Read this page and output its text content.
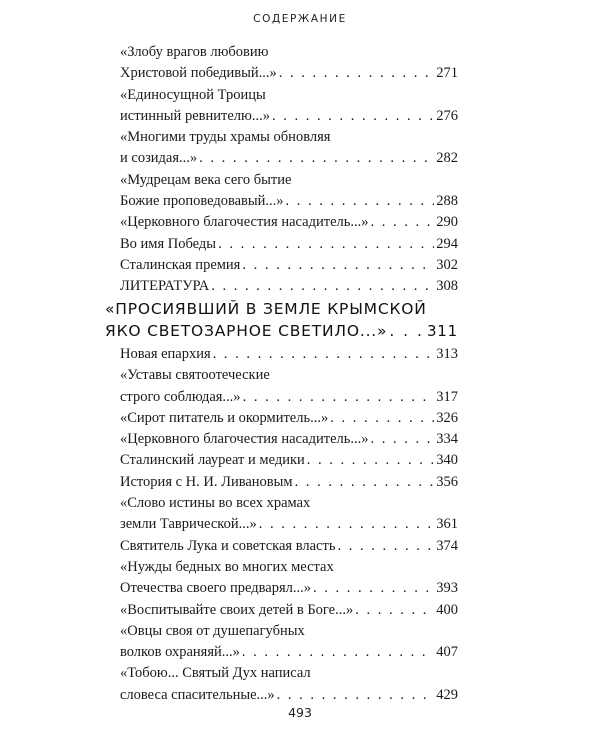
СОДЕРЖАНИЕ
«Злобу врагов любовию
Христовой победивый...» . . .	271
«Единосущной Троицы
истинный ревнителю...» . . .	276
«Многими труды храмы обновляя
и созидая...» . . .	282
«Мудрецам века сего бытие
Божие проповедовавый...» . . .	288
«Церковного благочестия насадитель...» . . .	290
Во имя Победы . . .	294
Сталинская премия . . .	302
ЛИТЕРАТУРА . . .	308
«ПРОСИЯВШИЙ В ЗЕМЛЕ КРЫМСКОЙ
ЯКО СВЕТОЗАРНОЕ СВЕТИЛО...» . . .	311
Новая епархия . . .	313
«Уставы святоотеческие
строго соблюдая...» . . .	317
«Сирот питатель и окормитель...» . . .	326
«Церковного благочестия насадитель...» . . .	334
Сталинский лауреат и медики . . .	340
История с Н. И. Ливановым . . .	356
«Слово истины во всех храмах
земли Таврической...» . . .	361
Святитель Лука и советская власть . . .	374
«Нужды бедных во многих местах
Отечества своего предварял...» . . .	393
«Воспитывайте своих детей в Боге...» . . .	400
«Овцы своя от душепагубных
волков охраняяй...» . . .	407
«Тобою... Святый Дух написал
словеса спасительные...» . . .	429
493
